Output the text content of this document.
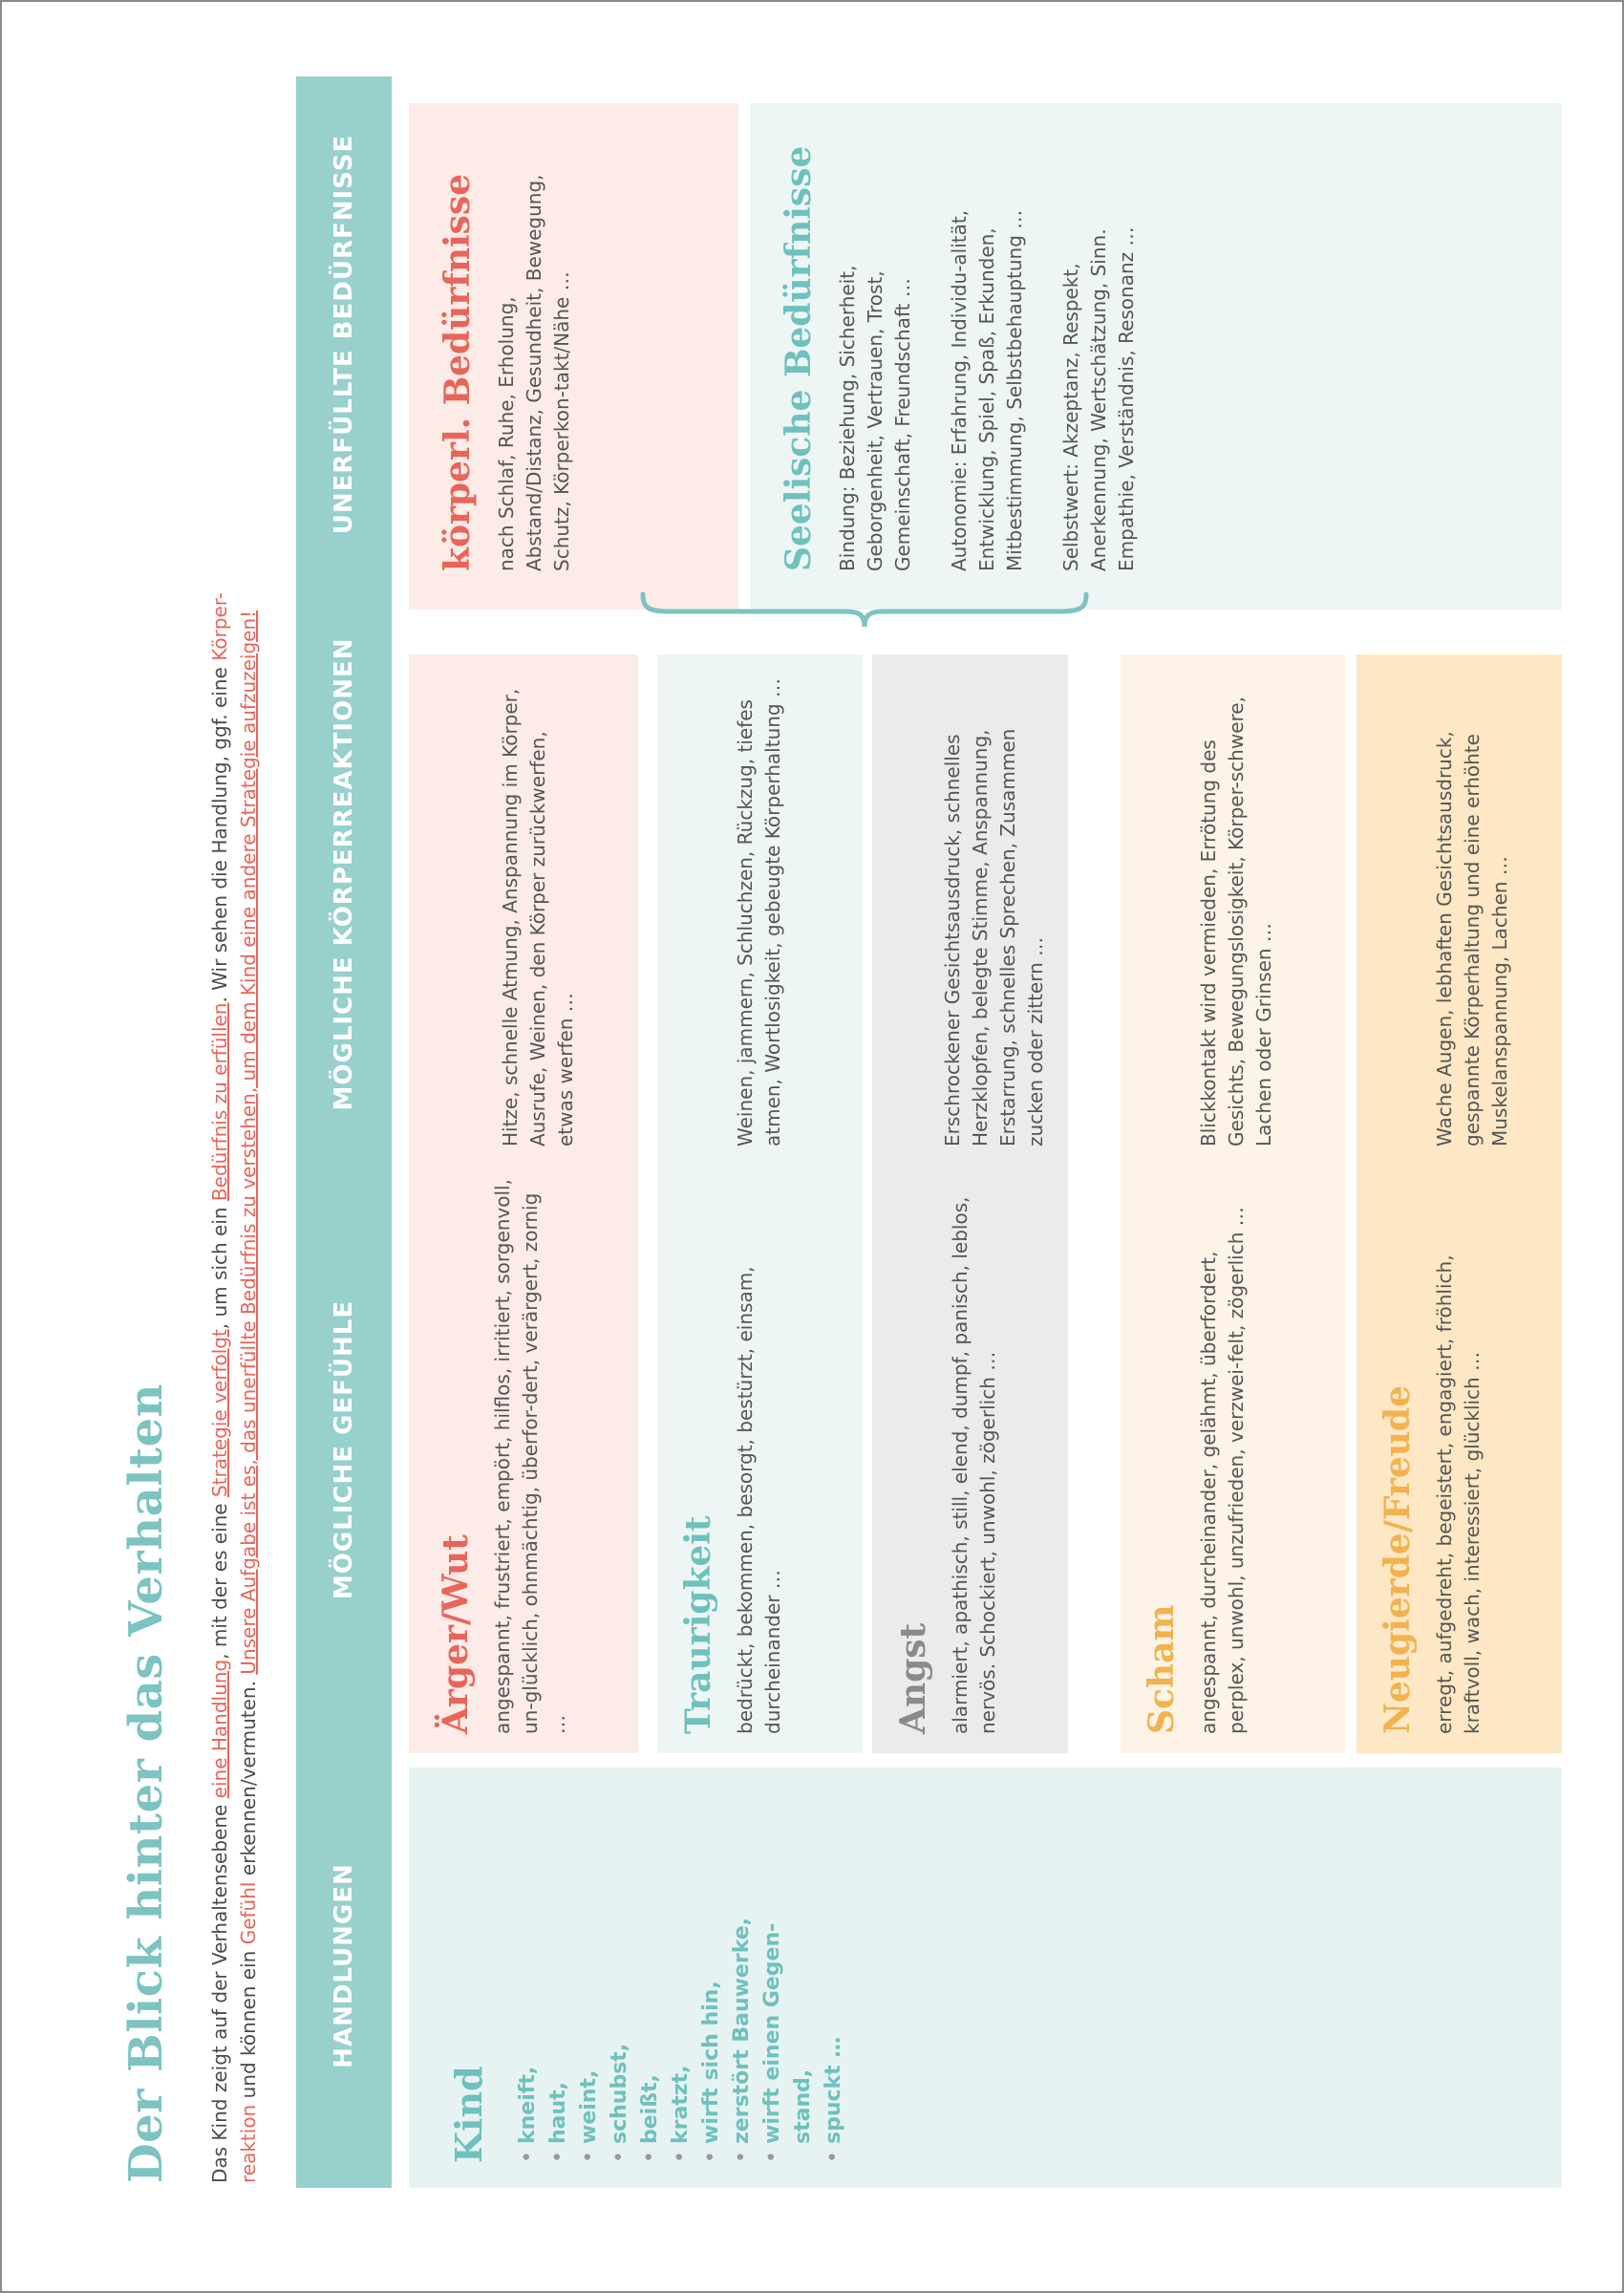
Der Blick hinter das Verhalten Das Kind zeigt auf der Verhaltensebene eine Handlung, mit der es eine Strategie verfolgt, um sich ein Bedürfnis zu erfüllen. Wir sehen die Handlung, ggf. eine Körper-
reaktion und können ein Gefühl erkennen/vermuten. Unsere Aufgabe ist es, das unerfüllte Bedürfnis zu verstehen, um dem Kind eine andere Strategie aufzuzeigen!
HANDLUNGEN
MÖGLICHE GEFÜHLE
MÖGLICHE KÖRPERREAKTIONEN
UNERFÜLLTE BEDÜRFNISSE
Kind •kneift,
•haut,
•weint,
•schubst,
•beißt,
•kratzt,
•wirft sich hin,
•zerstört Bauwerke,
•wirft einen Gegen- stand,
•spuckt …
Ärger/Wut angespannt, frustriert, empört, hilflos, irritiert, sorgenvoll, un-glücklich, ohnmächtig, überfor-dert, verärgert, zornig …
Hitze, schnelle Atmung, Anspannung im Körper, Ausrufe, Weinen, den Körper zurückwerfen, etwas werfen …
Traurigkeit bedrückt, bekommen, besorgt, bestürzt, einsam, durcheinander …
Weinen, jammern, Schluchzen, Rückzug, tiefes atmen, Wortlosigkeit, gebeugte Körperhaltung …
Angst alarmiert, apathisch, still, elend, dumpf, panisch, leblos, nervös. Schockiert, unwohl, zögerlich …
Erschrockener Gesichtsausdruck, schnelles Herzklopfen, belegte Stimme, Anspannung, Erstarrung, schnelles Sprechen, Zusammen zucken oder zittern …
Scham angespannt, durcheinander, gelähmt, überfordert, perplex, unwohl, unzufrieden, verzwei-felt, zögerlich …
Blickkontakt wird vermieden, Errötung des Gesichts, Bewegungslosigkeit, Körper-schwere, Lachen oder Grinsen …
Neugierde/Freude erregt, aufgedreht, begeistert, engagiert, fröhlich, kraftvoll, wach, interessiert, glücklich …
Wache Augen, lebhaften Gesichtsausdruck, gespannte Körperhaltung und eine erhöhte Muskelanspannung, Lachen …
körperl. Bedürfnisse nach Schlaf, Ruhe, Erholung, Abstand/Distanz, Gesundheit, Bewegung, Schutz, Körperkon-takt/Nähe …	Seelische Bedürfnisse Bindung: Beziehung, Sicherheit, Geborgenheit, Vertrauen, Trost, Gemeinschaft, Freundschaft … Autonomie: Erfahrung, Individu-alität, Entwicklung, Spiel, Spaß, Erkunden, Mitbestimmung, Selbstbehauptung … Selbstwert: Akzeptanz, Respekt, Anerkennung, Wertschätzung, Sinn. Empathie, Verständnis, Resonanz …
